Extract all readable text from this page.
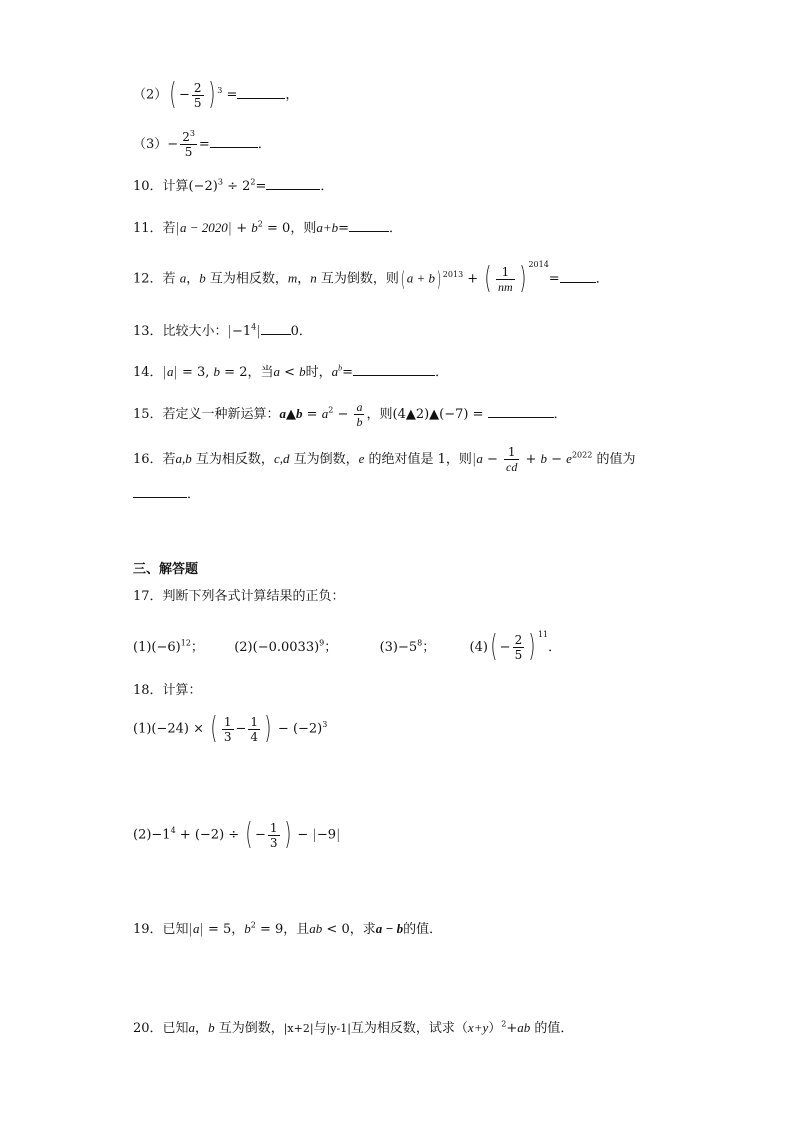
$(2)( - \frac{2}{5}$ ) $^3$ =	，
$(3)- \frac{2^3}{5}$ =	．
10．计算$(-2)^3 \div 2^2=$	．
11．若$|a - 2020| + b^2 = 0$，则a+b=	．
12．若 a，b 互为相反数，m，n 互为倒数，则( a + b) $^{2013}$ + ( $\frac{1}{nm}$ ) $^{2014}$=	．
13．比较大小：$|-1^4|$ 0．
14．|a| = 3, b = 2，当a < b时，$a^b=$	．
15．若定义一种新运算：a▲b = $a^2 - \frac{a}{b}$ ，则(4▲2)▲(−7) =	．
16．若a,b 互为相反数，c,d 互为倒数，e 的绝对值是 1，则$|a - \frac{1}{cd} + b - e^{2022}$ 的值为
．
三、解答题
17．判断下列各式计算结果的正负：
$(1)(-6)^{12}$； $(2)(-0.0033)^9$；	$(3)-5^8$；	$(4)( - \frac{2}{5}$ ) $^{11}$．
18．计算：
(1)(−24) × ( $\frac{1}{3} - \frac{1}{4}$ ) − $(-2)^3$
$(2)-1^4 + (-2)$ ÷ ( − $\frac{1}{3}$ ) − |−9|
19．已知|a| = 5，$b^2 = 9$，且ab < 0，求a − b的值．
20．已知a，b 互为倒数，|x+2|与|y-1|互为相反数，试求$(x+y)^2+ab$ 的值．
